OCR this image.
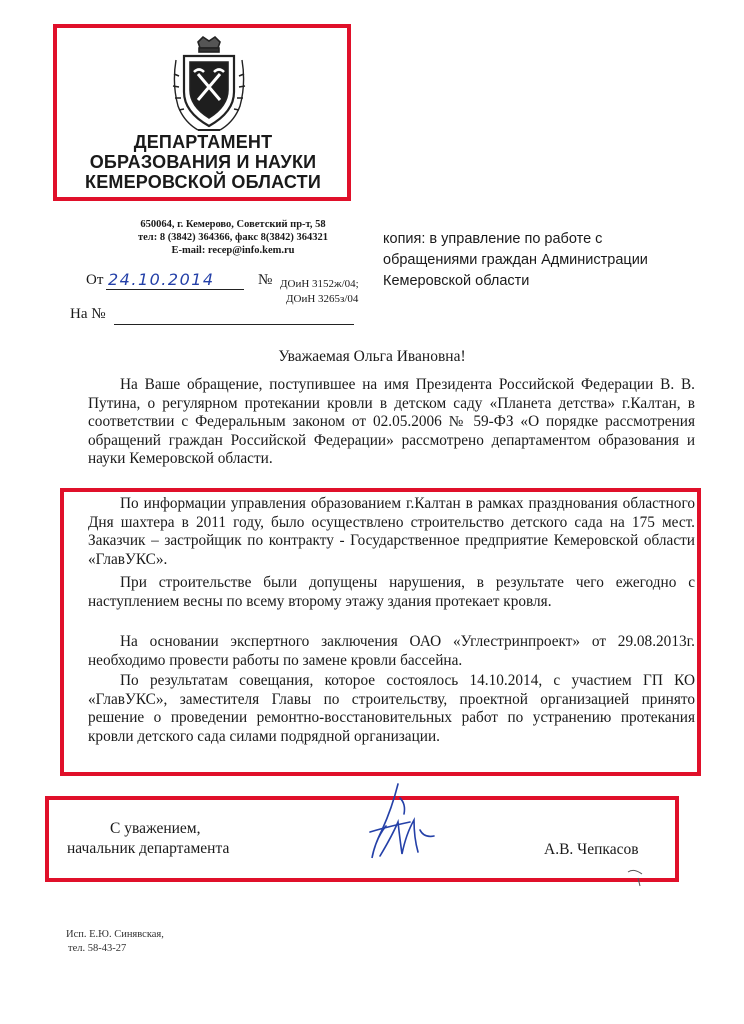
ДЕПАРТАМЕНТ
ОБРАЗОВАНИЯ И НАУКИ
КЕМЕРОВСКОЙ ОБЛАСТИ
650064, г. Кемерово, Советский пр-т, 58
тел: 8 (3842) 364366, факс 8(3842) 364321
E-mail: recep@info.kem.ru
копия: в управление по работе с
обращениями граждан Администрации
Кемеровской области
От 24.10.2014	№ ДОиН 3152ж/04;
ДОиН 3265з/04
На №
Уважаемая Ольга Ивановна!
На Ваше обращение, поступившее на имя Президента Российской Федерации В. В. Путина, о регулярном протекании кровли в детском саду «Планета детства» г.Калтан, в соответствии с Федеральным законом от 02.05.2006 № 59-ФЗ «О порядке рассмотрения обращений граждан Российской Федерации» рассмотрено департаментом образования и науки Кемеровской области.
По информации управления образованием г.Калтан в рамках празднования областного Дня шахтера в 2011 году, было осуществлено строительство детского сада на 175 мест. Заказчик – застройщик по контракту - Государственное предприятие Кемеровской области «ГлавУКС».
При строительстве были допущены нарушения, в результате чего ежегодно с наступлением весны по всему второму этажу здания протекает кровля.
На основании экспертного заключения ОАО «Углестринпроект» от 29.08.2013г. необходимо провести работы по замене кровли бассейна.
По результатам совещания, которое состоялось 14.10.2014, с участием ГП КО «ГлавУКС», заместителя Главы по строительству, проектной организацией принято решение о проведении ремонтно-восстановительных работ по устранению протекания кровли детского сада силами подрядной организации.
С уважением,
начальник департамента	А.В. Чепкасов
Исп. Е.Ю. Синявская,
тел. 58-43-27
